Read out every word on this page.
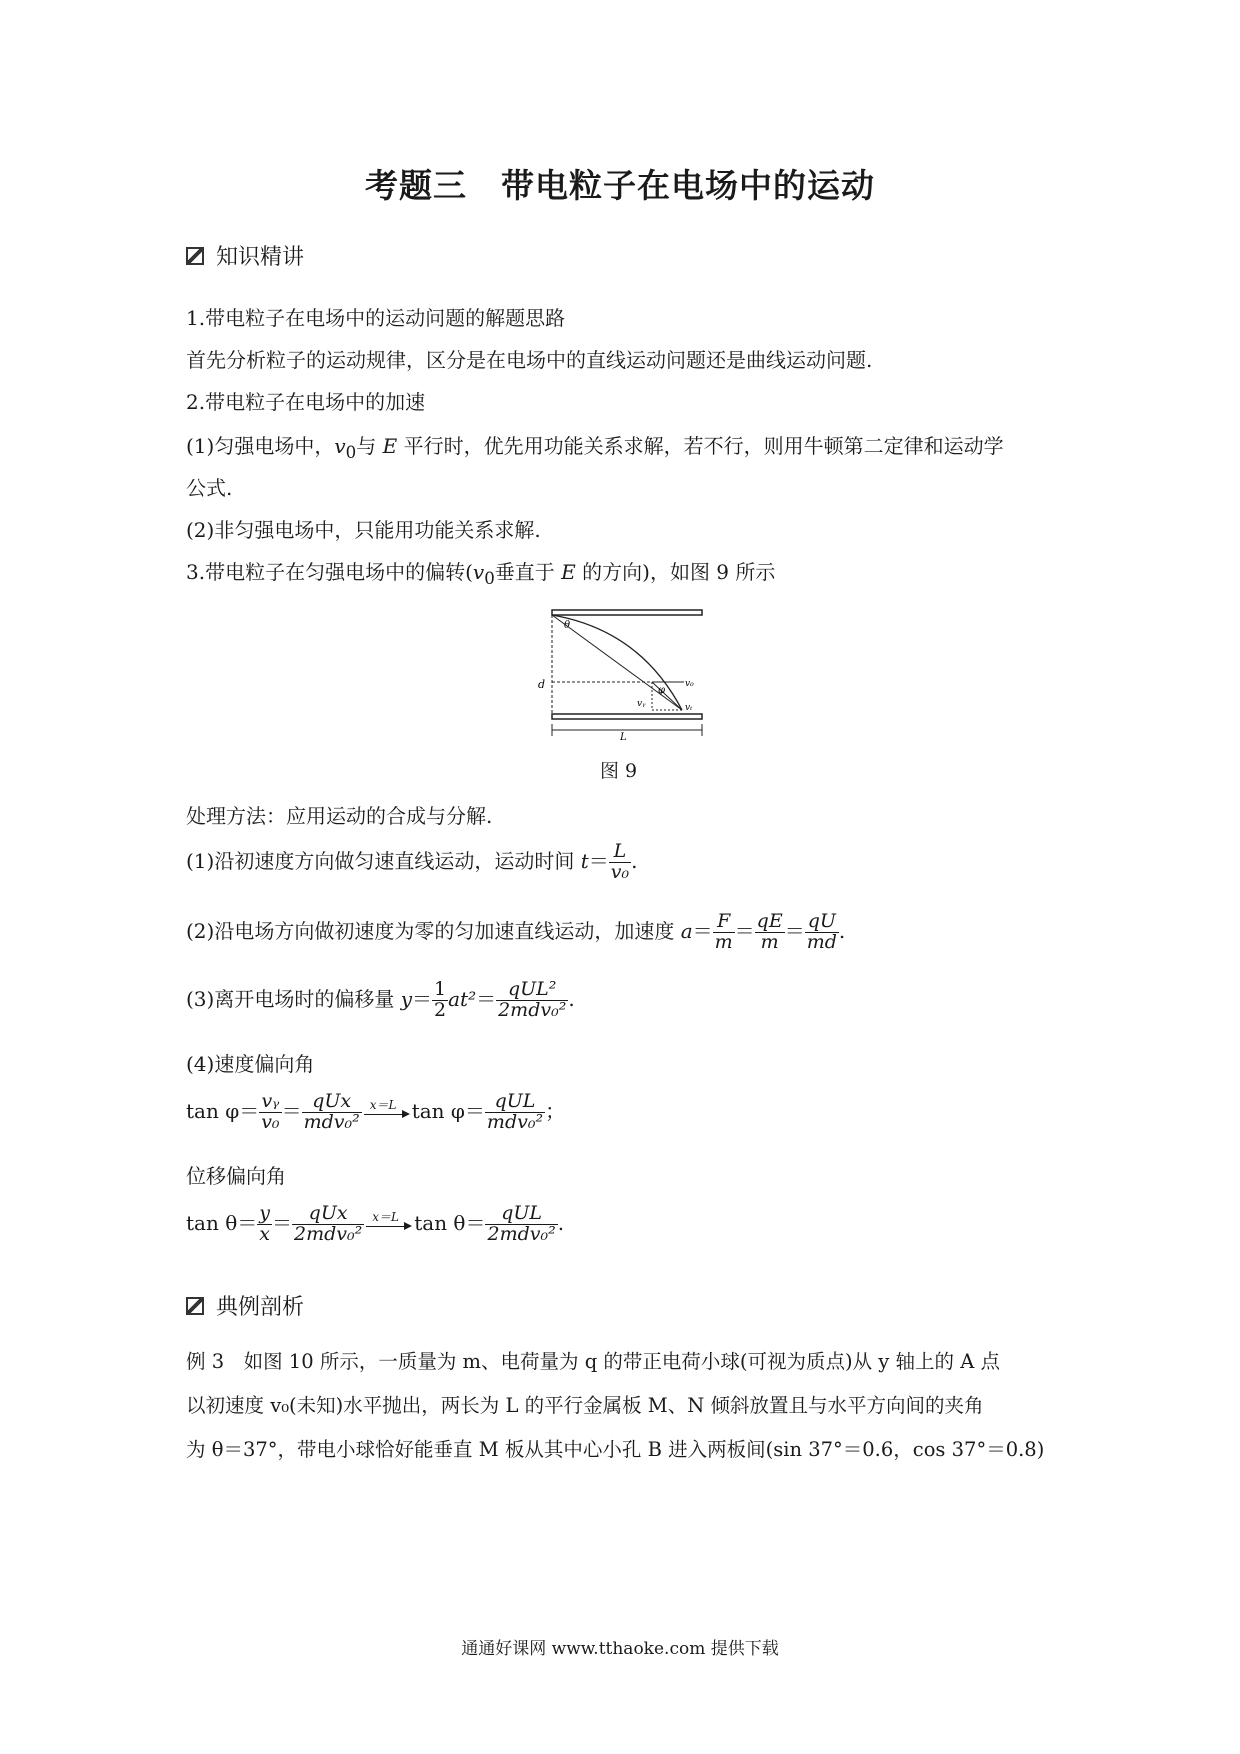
考题三　带电粒子在电场中的运动
知识精讲
1.带电粒子在电场中的运动问题的解题思路
首先分析粒子的运动规律，区分是在电场中的直线运动问题还是曲线运动问题.
2.带电粒子在电场中的加速
(1)匀强电场中，$v_0$与 E 平行时，优先用功能关系求解，若不行，则用牛顿第二定律和运动学
公式.
(2)非匀强电场中，只能用功能关系求解.
3.带电粒子在匀强电场中的偏转($v_0$垂直于 E 的方向)，如图 9 所示
θ
φ
d
L
v₀
vᵧ	vₜ
图 9
处理方法：应用运动的合成与分解.
(1)沿初速度方向做匀速直线运动，运动时间 $t= \frac{L}{\text{v₀}}$ .
(2)沿电场方向做初速度为零的匀加速直线运动，加速度 $a= \frac{F}{m} = \frac{qE}{m} = \frac{qU}{md}$ .
(3)离开电场时的偏移量 $y= \frac{1}{2} at^2= \frac{\text{qUL²}}{\text{2mdv₀²}}$ .
(4)速度偏向角
$\tan \varphi= \frac{\text{vᵧ}}{\text{v₀}} = \frac{\text{qUx}}{\text{mdv₀²}} x=L$ $\tan \varphi= \frac{\text{qUL}}{\text{mdv₀²}}$ ；
位移偏向角
$\tan \theta= \frac{y}{x} = \frac{\text{qUx}}{\text{2mdv₀²}} x=L$ $\tan \theta= \frac{\text{qUL}}{\text{2mdv₀²}}$ .
典例剖析
例 3　如图 10 所示，一质量为 m、电荷量为 q 的带正电荷小球(可视为质点)从 y 轴上的 A 点
以初速度 v₀(未知)水平抛出，两长为 L 的平行金属板 M、N 倾斜放置且与水平方向间的夹角
为 θ＝37°，带电小球恰好能垂直 M 板从其中心小孔 B 进入两板间(sin 37°＝0.6，cos 37°＝0.8)
通通好课网 www.tthaoke.com 提供下载
